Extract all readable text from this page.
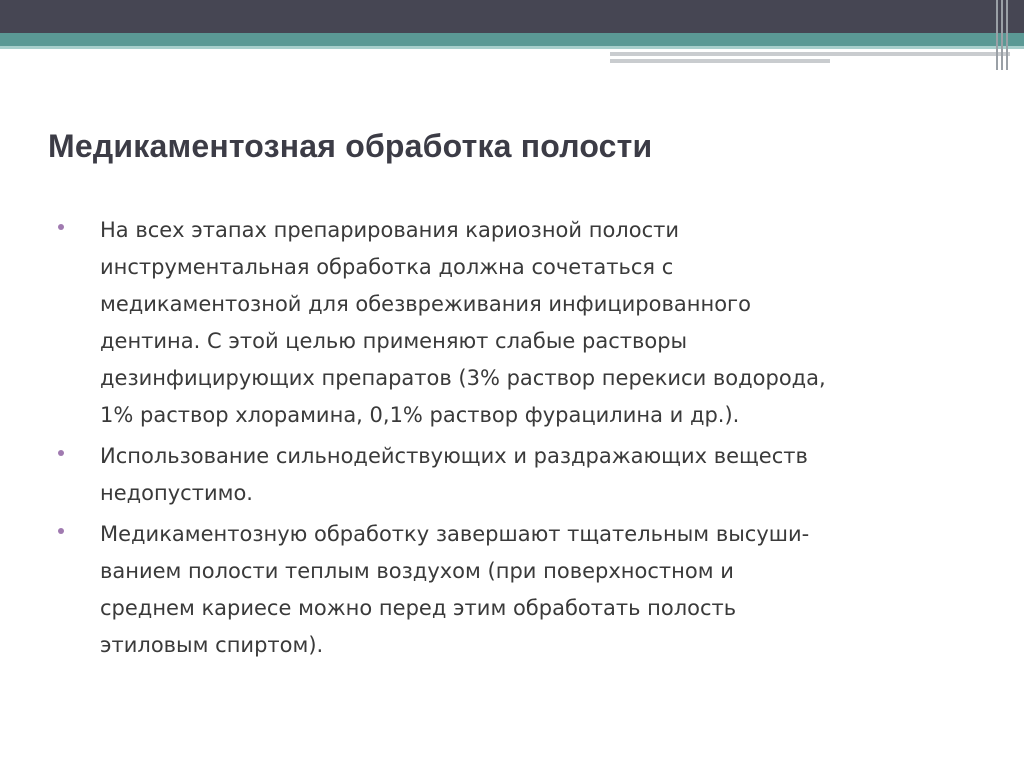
Медикаментозная обработка полости
На всех этапах препарирования кариозной полости
инструментальная обработка должна сочетаться с
медикаментозной для обезвреживания инфицированного
дентина. С этой целью применяют слабые растворы
дезинфицирующих препаратов (3% раствор перекиси водорода,
1% раствор хлорамина, 0,1% раствор фурацилина и др.).
Использование сильнодействующих и раздражающих веществ
недопустимо.
Медикаментозную обработку завершают тщательным высуши-
ванием полости теплым воздухом (при поверхностном и
среднем кариесе можно перед этим обработать полость
этиловым спиртом).
